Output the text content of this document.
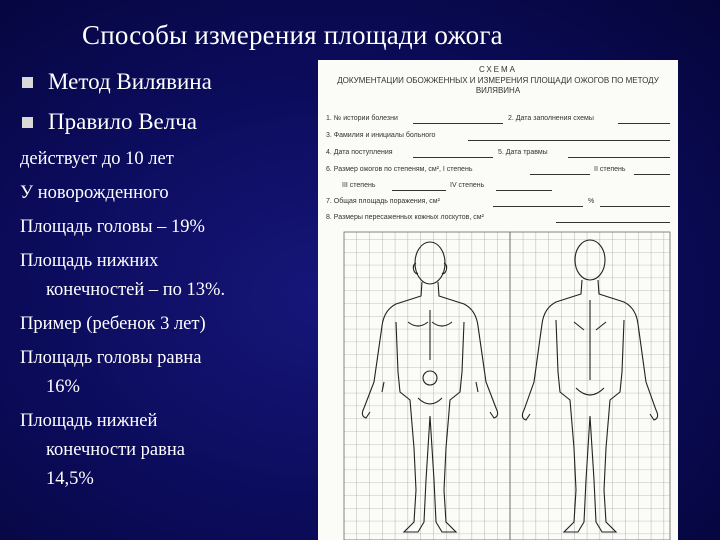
Способы измерения площади ожога
Метод Вилявина
Правило Велча

действует до 10 лет

У новорожденного

Площадь головы – 19%

Площадь нижних

конечностей – по 13%.

Пример (ребенок 3 лет)

Площадь головы равна

16%

Площадь нижней

конечности равна

14,5%

СХЕМА
ДОКУМЕНТАЦИИ ОБОЖЖЕННЫХ И ИЗМЕРЕНИЯ ПЛОЩАДИ ОЖОГОВ ПО МЕТОДУ ВИЛЯВИНА
1. № истории болезни	2. Дата заполнения схемы
3. Фамилия и инициалы больного
4. Дата поступления	5. Дата травмы
6. Размер ожогов по степеням, см², I степень	II степень
III степень	IV степень
7. Общая площадь поражения, см²	%
8. Размеры пересаженных кожных лоскутов, см²
